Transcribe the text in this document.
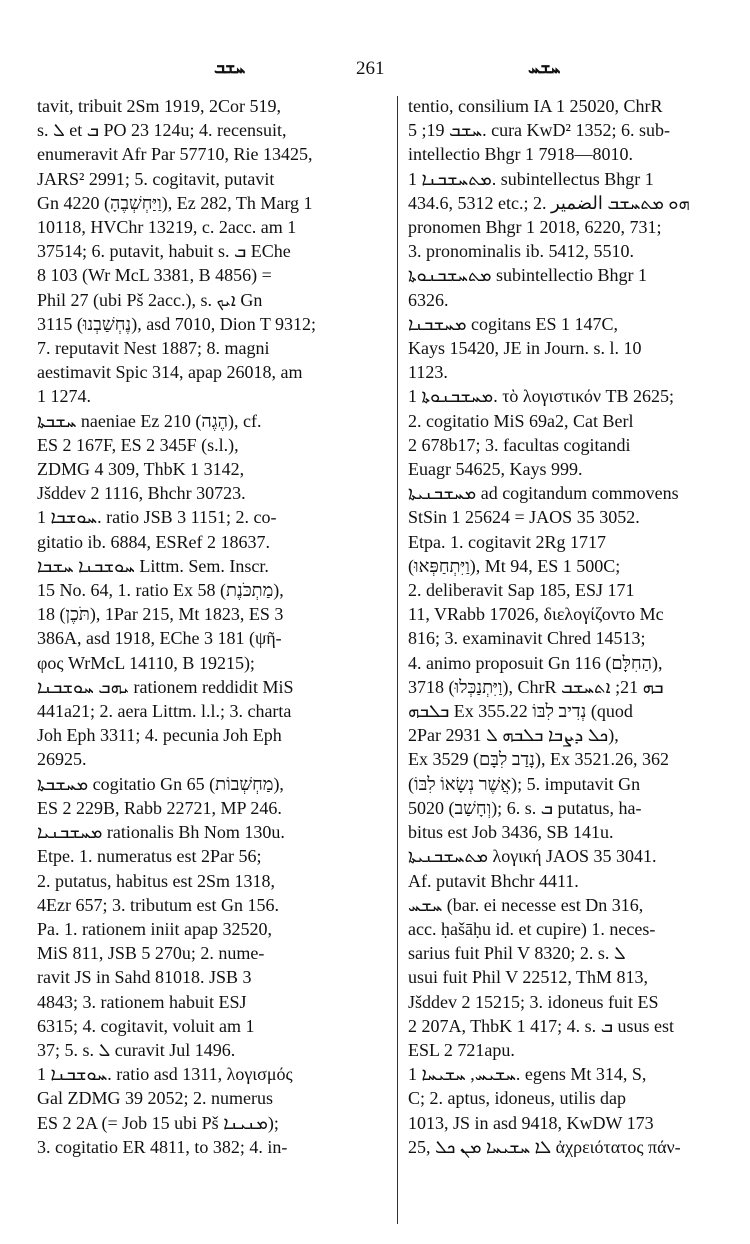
ܚܫܒ	261	ܚܫܚ
tavit, tribuit 2Sm 1919, 2Cor 519,
s. ܠ et ܒ PO 23 124u; 4. recensuit,
enumeravit Afr Par 57710, Rie 13425,
JARS² 2991; 5. cogitavit, putavit
Gn 4220 (וַיַּחְשְׁבֶהָ), Ez 282, Th Marg 1
10118, HVChr 13219, c. 2acc. am 1
37514; 6. putavit, habuit s. ܒ EChe
8 103 (Wr McL 3381, B 4856) =
Phil 27 (ubi Pš 2acc.), s. ܐܝܟ Gn
3115 (נֶחְשַׁבְנוּ), asd 7010, Dion T 9312;
7. reputavit Nest 1887; 8. magni
aestimavit Spic 314, apap 26018, am
1 1274.
ܚܫܒܬܐ naeniae Ez 210 (הֶגֶה), cf.
ES 2 167F, ES 2 345F (s.l.),
ZDMG 4 309, ThbK 1 3142,
Jšddev 2 1116, Bhchr 30723.
ܚܘܫܒܐ 1. ratio JSB 3 1151; 2. co-
gitatio ib. 6884, ESRef 2 18637.
ܚܘܫܒܢܐ ܚܫܒܐ Littm. Sem. Inscr.
15 No. 64, 1. ratio Ex 58 (מַתְכֹּנֶת),
18 (תֹּכֶן), 1Par 215, Mt 1823, ES 3
386A, asd 1918, EChe 3 181 (ψῆ-
φος WrMcL 14110, B 19215);
ܝܗܒ ܚܘܫܒܢܐ rationem reddidit MiS
441a21; 2. aera Littm. l.l.; 3. charta
Joh Eph 3311; 4. pecunia Joh Eph
26925.
ܡܚܫܒܬܐ cogitatio Gn 65 (מַחְשְׁבוֹת),
ES 2 229B, Rabb 22721, MP 246.
ܡܚܫܒܢܝܐ rationalis Bh Nom 130u.
Etpe. 1. numeratus est 2Par 56;
2. putatus, habitus est 2Sm 1318,
4Ezr 657; 3. tributum est Gn 156.
Pa. 1. rationem iniit apap 32520,
MiS 811, JSB 5 270u; 2. nume-
ravit JS in Sahd 81018. JSB 3
4843; 3. rationem habuit ESJ
6315; 4. cogitavit, voluit am 1
37; 5. s. ܠ curavit Jul 1496.
ܚܘܫܒܢܐ 1. ratio asd 1311, λογισμός
Gal ZDMG 39 2052; 2. numerus
ES 2 2A (= Job 15 ubi Pš ܡܢܝܢܐ);
3. cogitatio ER 4811, to 382; 4. in-
tentio, consilium IA 1 25020, ChrR
ܚܫܒ 19; 5. cura KwD² 1352; 6. sub-
intellectio Bhgr 1 7918—8010.
ܡܬܚܫܒܢܐ 1. subintellectus Bhgr 1
434.6, 5312 etc.; 2. ܗܘ ܡܬܚܫܒ الضمير
pronomen Bhgr 1 2018, 6220, 731;
3. pronominalis ib. 5412, 5510.
ܡܬܚܫܒܢܘܬܐ subintellectio Bhgr 1
6326.
ܡܚܫܒܢܐ cogitans ES 1 147C,
Kays 15420, JE in Journ. s. l. 10
1123.
ܡܚܫܒܢܘܬܐ 1. τὸ λογιστικόν TB 2625;
2. cogitatio MiS 69a2, Cat Berl
2 678b17; 3. facultas cogitandi
Euagr 54625, Kays 999.
ܡܚܫܒܢܝܬܐ ad cogitandum commovens
StSin 1 25624 = JAOS 35 3052.
Etpa. 1. cogitavit 2Rg 1717
(וַיִּתְחַפְּאוּ), Mt 94, ES 1 500C;
2. deliberavit Sap 185, ESJ 171
11, VRabb 17026, διελογίζοντο Mc
816; 3. examinavit Chred 14513;
4. animo proposuit Gn 116 (הַחִלָּם),
3718 (וַיִּתְנַכְּלוּ), ChrR ܒܗ 21; ܐܬܚܫܒ
ܒܠܒܗ Ex 355.22 נְדִיב לִבּוֹ (quod
2Par 2931 ܟܠ ܕܨܒܐ ܒܠܒܗ ܠ),
Ex 3529 (נָדַב לִבָּם), Ex 3521.26, 362
(אֲשֶׁר נְשָׂאוֹ לִבּוֹ); 5. imputavit Gn
5020 (וְחָשַׁב); 6. s. ܒ putatus, ha-
bitus est Job 3436, SB 141u.
ܡܬܚܫܒܢܝܬܐ λογική JAOS 35 3041.
Af. putavit Bhchr 4411.
ܚܫܚ (bar. ei necesse est Dn 316,
acc. ḥašāḥu id. et cupire) 1. neces-
sarius fuit Phil V 8320; 2. s. ܠ
usui fuit Phil V 22512, ThM 813,
Jšddev 2 15215; 3. idoneus fuit ES
2 207A, ThbK 1 417; 4. s. ܒ usus est
ESL 2 721apu.
ܚܫܝܚ, ܚܫܝܚܐ 1. egens Mt 314, S,
C; 2. aptus, idoneus, utilis dap
1013, JS in asd 9418, KwDW 173
25, ܠܐ ܚܫܝܚܐ ܡܢ ܟܠ ἀχρειότατος πάν-
